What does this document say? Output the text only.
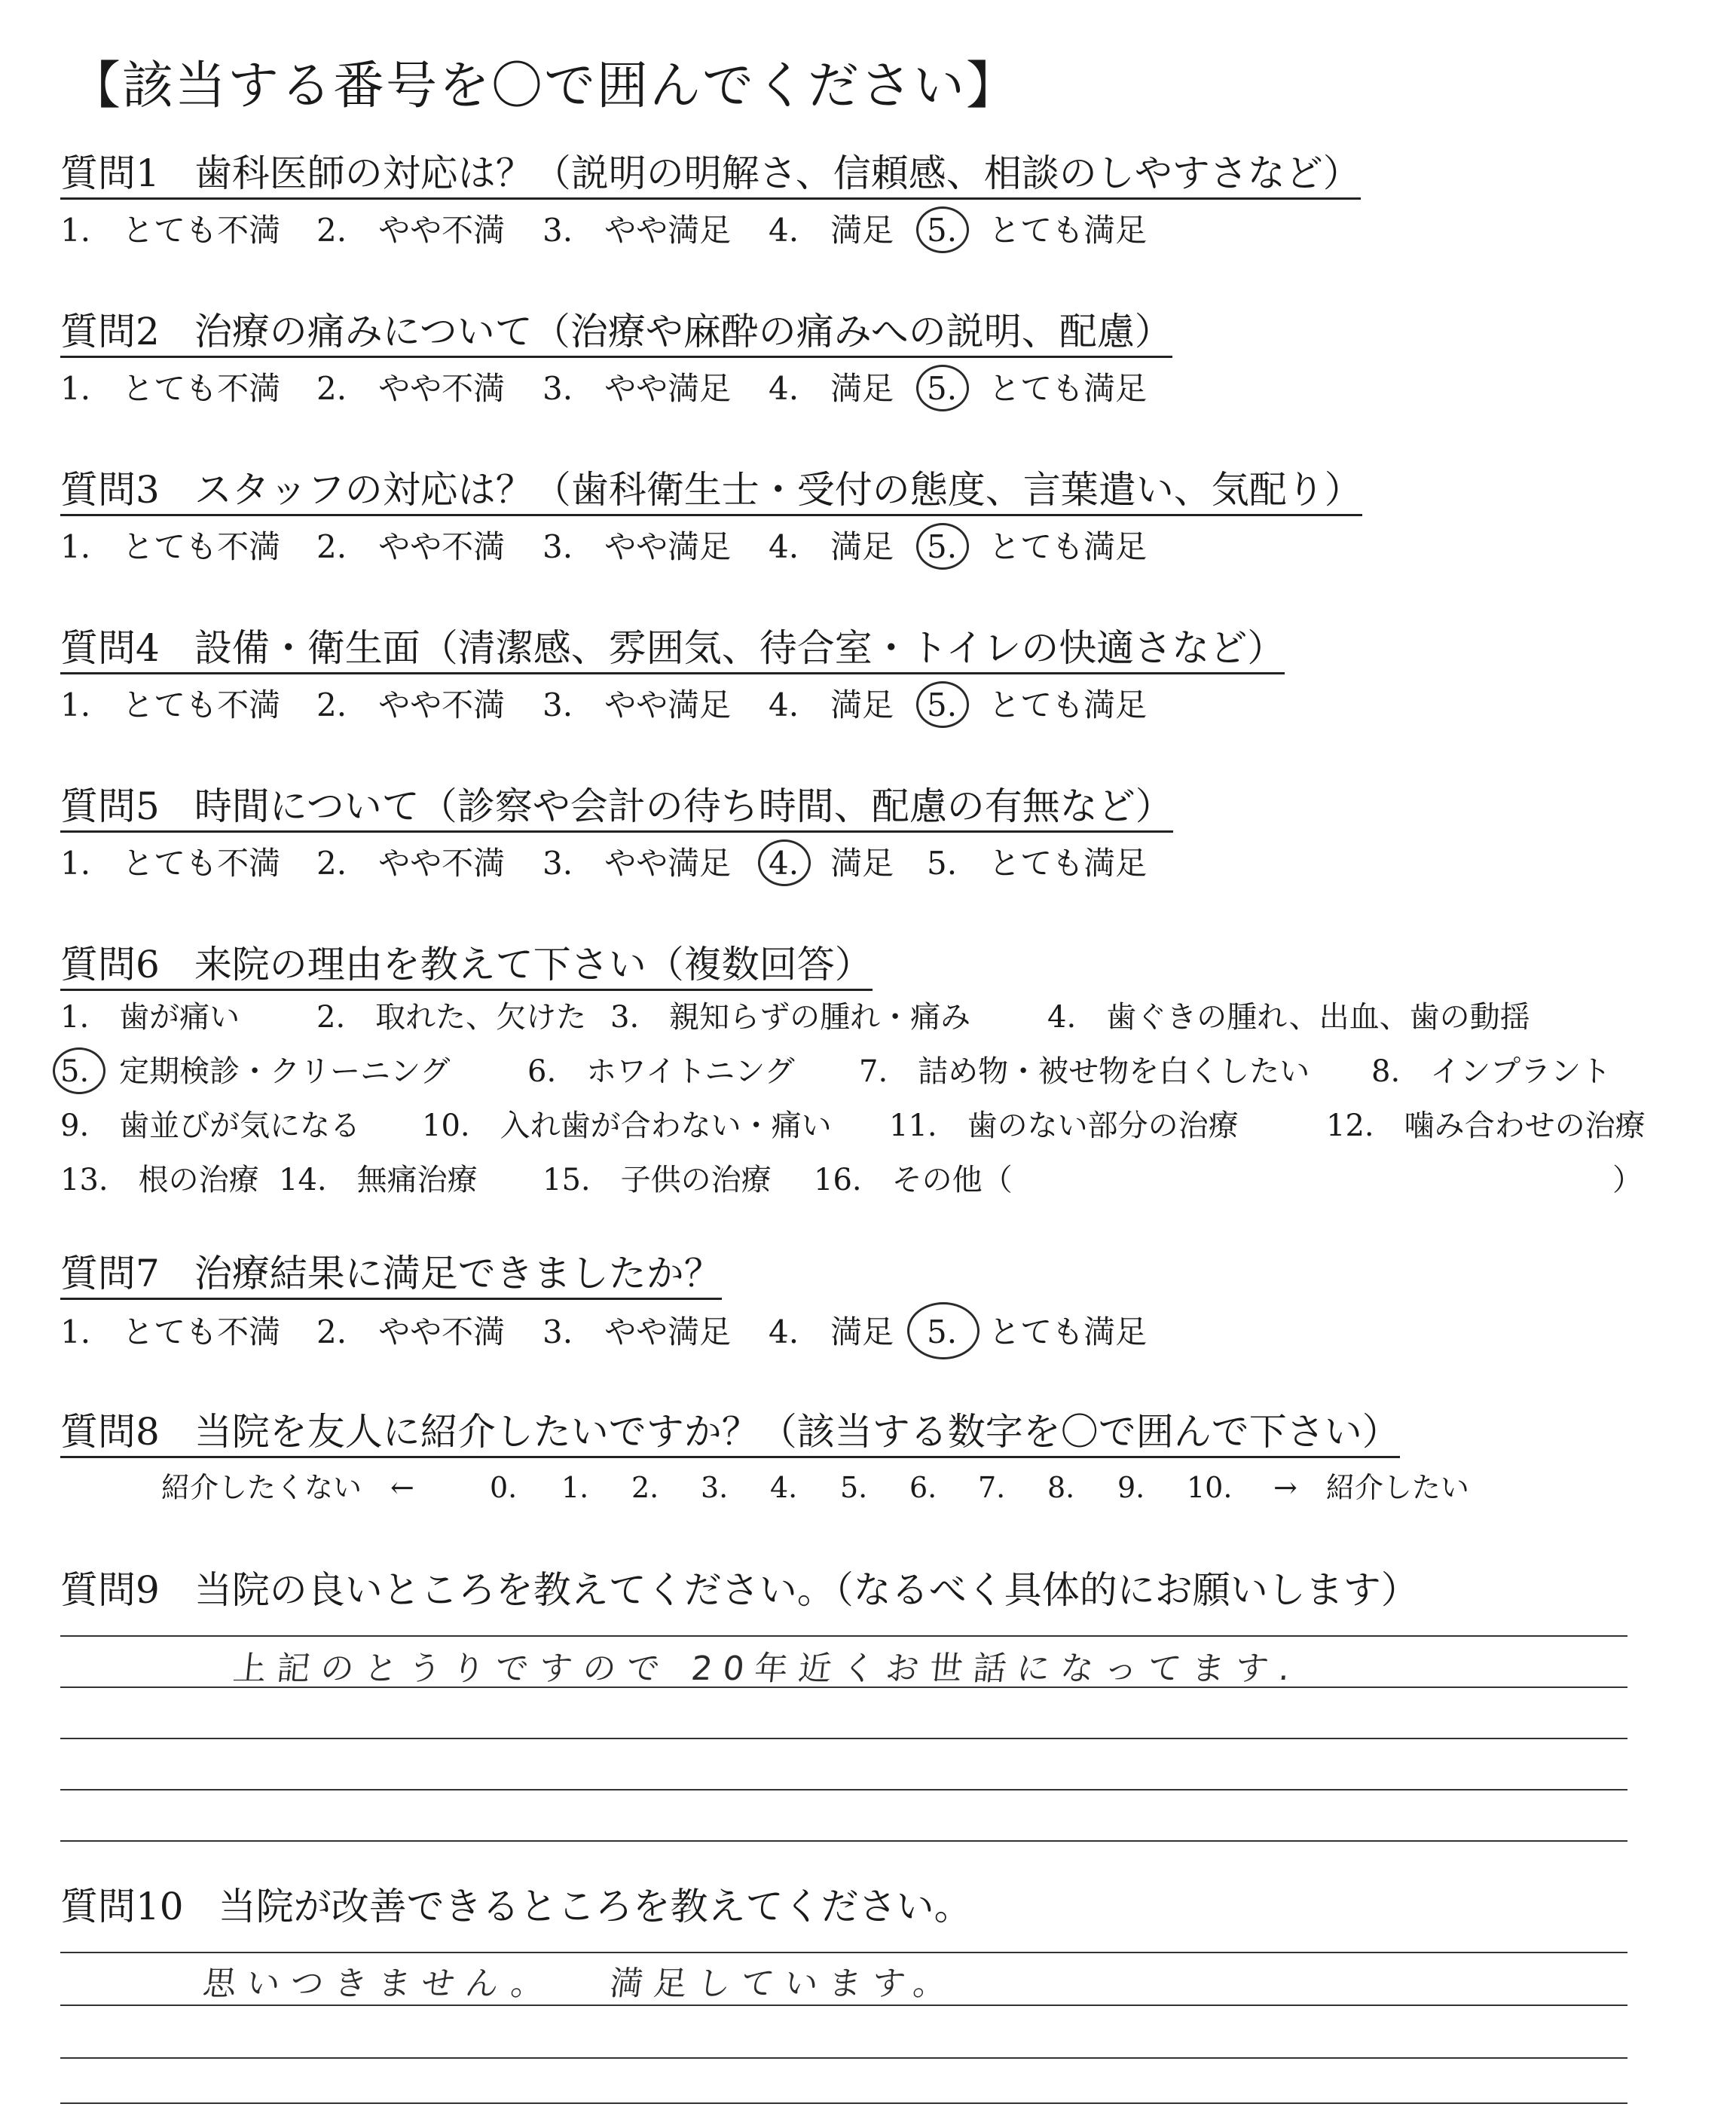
【該当する番号を〇で囲んでください】
質問1 歯科医師の対応は？（説明の明解さ、信頼感、相談のしやすさなど）
1.　とても不満 2.　やや不満 3.　やや満足 4.　満足 5.　とても満足
質問2 治療の痛みについて（治療や麻酔の痛みへの説明、配慮）
1.　とても不満 2.　やや不満 3.　やや満足 4.　満足 5.　とても満足
質問3 スタッフの対応は？（歯科衛生士・受付の態度、言葉遣い、気配り）
1.　とても不満 2.　やや不満 3.　やや満足 4.　満足 5.　とても満足
質問4 設備・衛生面（清潔感、雰囲気、待合室・トイレの快適さなど）
1.　とても不満 2.　やや不満 3.　やや満足 4.　満足 5.　とても満足
質問5 時間について（診察や会計の待ち時間、配慮の有無など）
1.　とても不満 2.　やや不満 3.　やや満足 4.　満足 5.　とても満足
質問6 来院の理由を教えて下さい（複数回答）
1.　歯が痛い	2.　取れた、欠けた 3.　親知らずの腫れ・痛み	4.　歯ぐきの腫れ、出血、歯の動揺
5.　定期検診・クリーニング	6.　ホワイトニング 7.　詰め物・被せ物を白くしたい 8.　インプラント
9.　歯並びが気になる 10.　入れ歯が合わない・痛い 11.　歯のない部分の治療	12.　噛み合わせの治療
13.　根の治療 14.　無痛治療 15.　子供の治療 16.　その他（	）
質問7 治療結果に満足できましたか？
1.　とても不満 2.　やや不満 3.　やや満足 4.　満足 5.　とても満足
質問8 当院を友人に紹介したいですか？（該当する数字を〇で囲んで下さい）
紹介したくない　←	0. 1. 2. 3. 4. 5. 6. 7. 8. 9. 10. →　紹介したい
質問9 当院の良いところを教えてください。（なるべく具体的にお願いします）
上記のとうりですので 20年近くお世話になってます.
質問10 当院が改善できるところを教えてください。
思いつきません。 満足しています。
